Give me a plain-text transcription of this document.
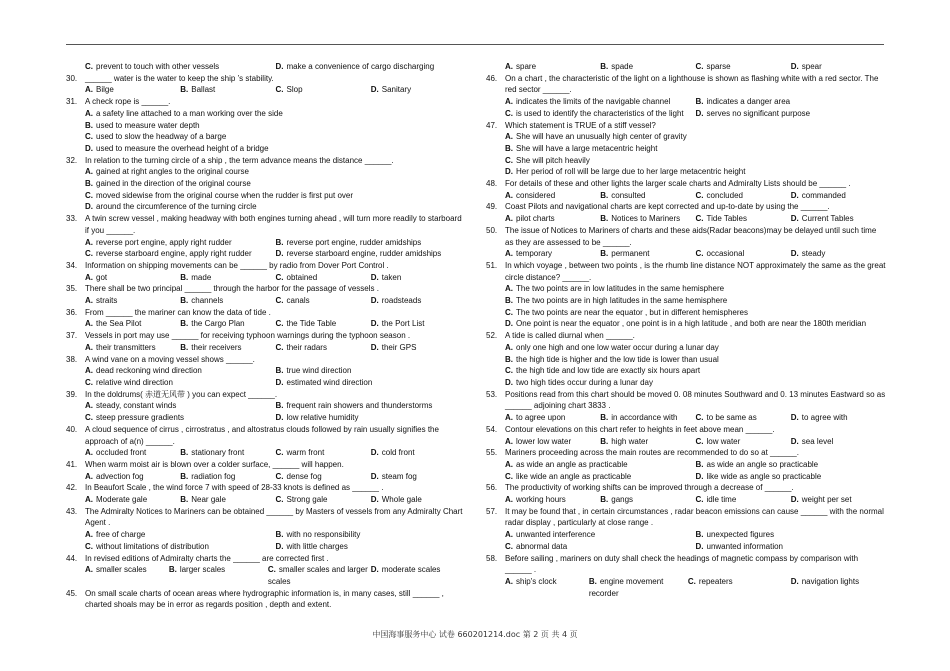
C. prevent to touch with other vessels	D. make a convenience of cargo discharging
30. ______ water is the water to keep the ship ’s stability.
A. Bilge	B. Ballast	C. Slop	D. Sanitary
31. A check rope is ______.
A. a safety line attached to a man working over the side
B. used to measure water depth
C. used to slow the headway of a barge
D. used to measure the overhead height of a bridge
32. In relation to the turning circle of a ship , the term advance means the distance ______.
A. gained at right angles to the original course
B. gained in the direction of the original course
C. moved sidewise from the original course when the rudder is first put over
D. around the circumference of the turning circle
33. A twin screw vessel , making headway with both engines turning ahead , will turn more readily to starboard if you ______.
A. reverse port engine, apply right rudder	B. reverse port engine, rudder amidships
C. reverse starboard engine, apply right rudder	D. reverse starboard engine, rudder amidships
34. Information on shipping movements can be ______ by radio from Dover Port Control .
A. got	B. made	C. obtained	D. taken
35. There shall be two principal ______ through the harbor for the passage of vessels .
A. straits	B. channels	C. canals	D. roadsteads
36. From ______ the mariner can know the data of tide .
A. the Sea Pilot	B. the Cargo Plan	C. the Tide Table	D. the Port List
37. Vessels in port may use ______ for receiving typhoon warnings during the typhoon season .
A. their transmitters	B. their receivers	C. their radars	D. their GPS
38. A wind vane on a moving vessel shows ______.
A. dead reckoning wind direction	B. true wind direction
C. relative wind direction	D. estimated wind direction
39. In the doldrums( 赤道无风带 ) you can expect ______.
A. steady, constant winds	B. frequent rain showers and thunderstorms
C. steep pressure gradients	D. low relative humidity
40. A cloud sequence of cirrus , cirrostratus , and altostratus clouds followed by rain usually signifies the approach of a(n) ______.
A. occluded front	B. stationary front	C. warm front	D. cold front
41. When warm moist air is blown over a colder surface, ______ will happen.
A. advection fog	B. radiation fog	C. dense fog	D. steam fog
42. In Beaufort Scale , the wind force 7 with speed of 28-33 knots is defined as ______ .
A. Moderate gale	B. Near gale	C. Strong gale	D. Whole gale
43. The Admiralty Notices to Mariners can be obtained ______ by Masters of vessels from any Admiralty Chart Agent .
A. free of charge	B. with no responsibility
C. without limitations of distribution	D. with little charges
44. In revised editions of Admiralty charts the ______ are corrected first .
A. smaller scales	B. larger scales	C. smaller scales and larger scales
D. moderate scales
45. On small scale charts of ocean areas where hydrographic information is, in many cases, still ______ , charted shoals may be in error as regards position , depth and extent.
A. spare	B. spade	C. sparse	D. spear
46. On a chart , the characteristic of the light on a lighthouse is shown as flashing white with a red sector. The red sector ______.
A. indicates the limits of the navigable channel	B. indicates a danger area
C. is used to identify the characteristics of the light	D. serves no significant purpose
47. Which statement is TRUE of a stiff vessel?
A. She will have an unusually high center of gravity
B. She will have a large metacentric height
C. She will pitch heavily
D. Her period of roll will be large due to her large metacentric height
48. For details of these and other lights the larger scale charts and Admiralty Lists should be ______ .
A. considered	B. consulted	C. concluded	D. commanded
49. Coast Pilots and navigational charts are kept corrected and up-to-date by using the ______.
A. pilot charts	B. Notices to Mariners	C. Tide Tables	D. Current Tables
50. The issue of Notices to Mariners of charts and these aids(Radar beacons)may be delayed until such time as they are assessed to be ______.
A. temporary	B. permanent	C. occasional	D. steady
51. In which voyage , between two points , is the rhumb line distance NOT approximately the same as the great circle distance? ______.
A. The two points are in low latitudes in the same hemisphere
B. The two points are in high latitudes in the same hemisphere
C. The two points are near the equator , but in different hemispheres
D. One point is near the equator , one point is in a high latitude , and both are near the 180th meridian
52. A tide is called diurnal when ______.
A. only one high and one low water occur during a lunar day
B. the high tide is higher and the low tide is lower than usual
C. the high tide and low tide are exactly six hours apart
D. two high tides occur during a lunar day
53. Positions read from this chart should be moved 0. 08 minutes Southward and 0. 13 minutes Eastward so as ______ adjoining chart 3833 .
A. to agree upon	B. in accordance with	C. to be same as	D. to agree with
54. Contour elevations on this chart refer to heights in feet above mean ______.
A. lower low water	B. high water	C. low water	D. sea level
55. Mariners proceeding across the main routes are recommended to do so at ______.
A. as wide an angle as practicable	B. as wide an angle so practicable
C. like wide an angle as practicable	D. like wide as angle so practicable
56. The productivity of working shifts can be improved through a decrease of ______.
A. working hours	B. gangs	C. idle time	D. weight per set
57. It may be found that , in certain circumstances , radar beacon emissions can cause ______ with the normal radar display , particularly at close range .
A. unwanted interference	B. unexpected figures
C. abnormal data	D. unwanted information
58. Before sailing , mariners on duty shall check the headings of magnetic compass by comparison with ______ .
A. ship's clock	B. engine movement recorder
C. repeaters	D. navigation lights
中国海事服务中心 试卷 660201214.doc 第 2 页 共 4 页
